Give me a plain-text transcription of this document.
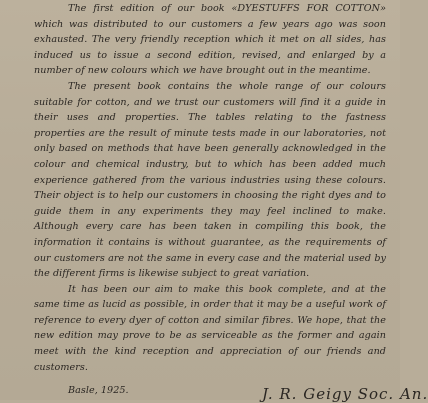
The first edition of our book «DYESTUFFS FOR COTTON» which was distributed to our customers a few years ago was soon exhausted. The very friendly reception which it met on all sides, has induced us to issue a second edition, revised, and enlarged by a number of new colours which we have brought out in the meantime.

The present book contains the whole range of our colours suitable for cotton, and we trust our customers will find it a guide in their uses and properties. The tables relating to the fastness properties are the result of minute tests made in our laboratories, not only based on methods that have been generally acknowledged in the colour and chemical industry, but to which has been added much experience gathered from the various industries using these colours. Their object is to help our customers in choosing the right dyes and to guide them in any experiments they may feel inclined to make. Although every care has been taken in compiling this book, the information it contains is without guarantee, as the requirements of our customers are not the same in every case and the material used by the different firms is likewise subject to great variation.

It has been our aim to make this book complete, and at the same time as lucid as possible, in order that it may be a useful work of reference to every dyer of cotton and similar fibres. We hope, that the new edition may prove to be as serviceable as the former and again meet with the kind reception and appreciation of our friends and customers.

Basle, 1925.	J. R. Geigy Soc. An.
